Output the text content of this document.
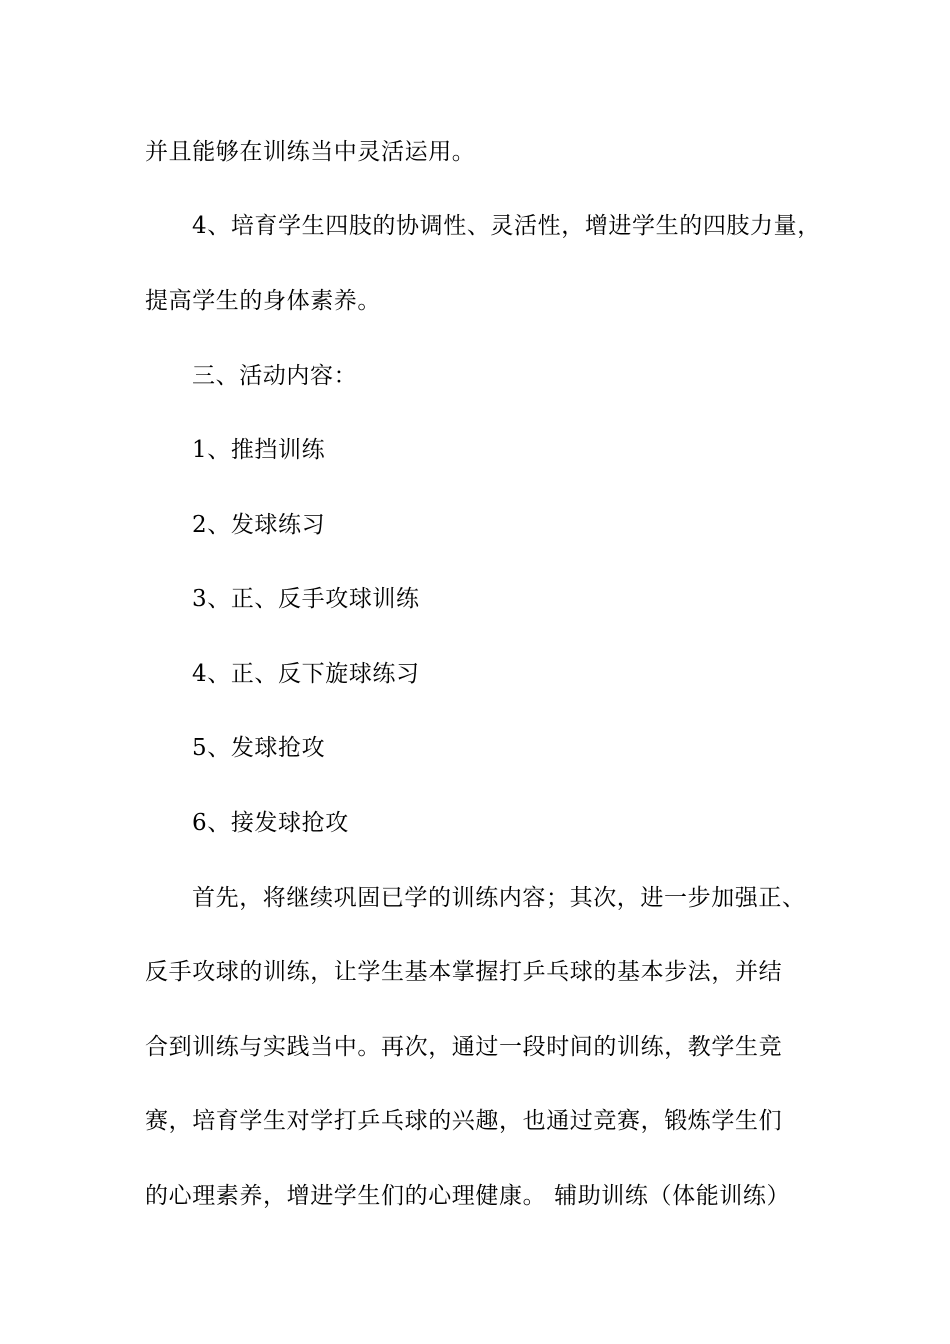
并且能够在训练当中灵活运用。
4、培育学生四肢的协调性、灵活性，增进学生的四肢力量，
提高学生的身体素养。
三、活动内容：
1、推挡训练
2、发球练习
3、正、反手攻球训练
4、正、反下旋球练习
5、发球抢攻
6、接发球抢攻
首先，将继续巩固已学的训练内容；其次，进一步加强正、
反手攻球的训练，让学生基本掌握打乒乓球的基本步法，并结
合到训练与实践当中。再次，通过一段时间的训练，教学生竞
赛，培育学生对学打乒乓球的兴趣，也通过竞赛，锻炼学生们
的心理素养，增进学生们的心理健康。 辅助训练（体能训练）
